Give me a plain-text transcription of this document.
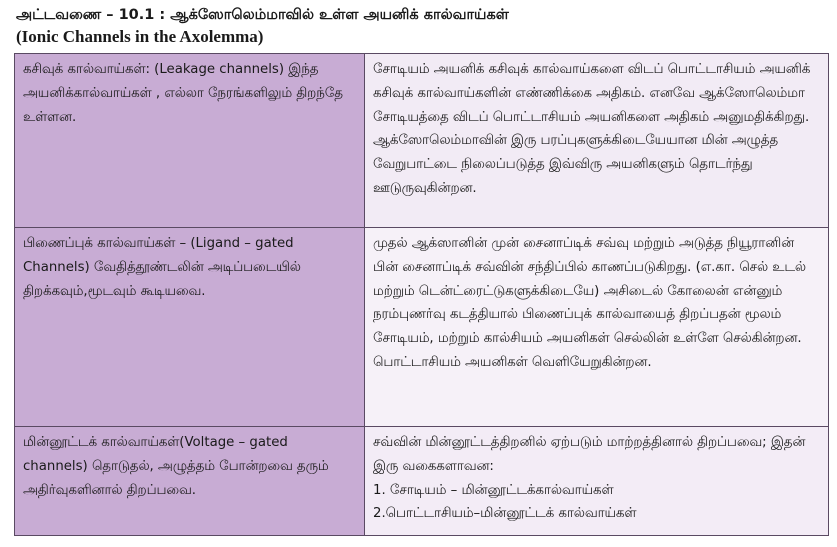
அட்டவணை – 10.1 : ஆக்ஸோலெம்மாவில் உள்ள அயனிக் கால்வாய்கள்
(Ionic Channels in the Axolemma)
கசிவுக் கால்வாய்கள்: (Leakage channels) இந்த அயனிக்கால்வாய்கள் , எல்லா நேரங்களிலும் திறந்தே உள்ளன.	சோடியம் அயனிக் கசிவுக் கால்வாய்களை விடப் பொட்டாசியம் அயனிக் கசிவுக் கால்வாய்களின் எண்ணிக்கை அதிகம். எனவே ஆக்ஸோலெம்மா சோடியத்தை விடப் பொட்டாசியம் அயனிகளை அதிகம் அனுமதிக்கிறது. ஆக்ஸோலெம்மாவின் இரு பரப்புகளுக்கிடையேயான மின் அழுத்த வேறுபாட்டை நிலைப்படுத்த இவ்விரு அயனிகளும் தொடர்ந்து ஊடுருவுகின்றன.

பிணைப்புக் கால்வாய்கள் – (Ligand – gated Channels) வேதித்தூண்டலின் அடிப்படையில் திறக்கவும்,மூடவும் கூடியவை.	முதல் ஆக்ஸானின் முன் சைனாப்டிக் சவ்வு மற்றும் அடுத்த நியூரானின் பின் சைனாப்டிக் சவ்வின் சந்திப்பில் காணப்படுகிறது. (எ.கா. செல் உடல் மற்றும் டென்ட்ரைட்டுகளுக்கிடையே) அசிடைல் கோலைன் என்னும் நரம்புணர்வு கடத்தியால் பிணைப்புக் கால்வாயைத் திறப்பதன் மூலம் சோடியம், மற்றும் கால்சியம் அயனிகள் செல்லின் உள்ளே செல்கின்றன. பொட்டாசியம் அயனிகள் வெளியேறுகின்றன.

மின்னூட்டக் கால்வாய்கள்(Voltage – gated channels) தொடுதல், அழுத்தம் போன்றவை தரும் அதிர்வுகளினால் திறப்பவை.	சவ்வின் மின்னூட்டத்திறனில் ஏற்படும் மாற்றத்தினால் திறப்பவை; இதன் இரு வகைகளாவன:
1. சோடியம் – மின்னூட்டக்கால்வாய்கள்
2.பொட்டாசியம்–மின்னூட்டக் கால்வாய்கள்
